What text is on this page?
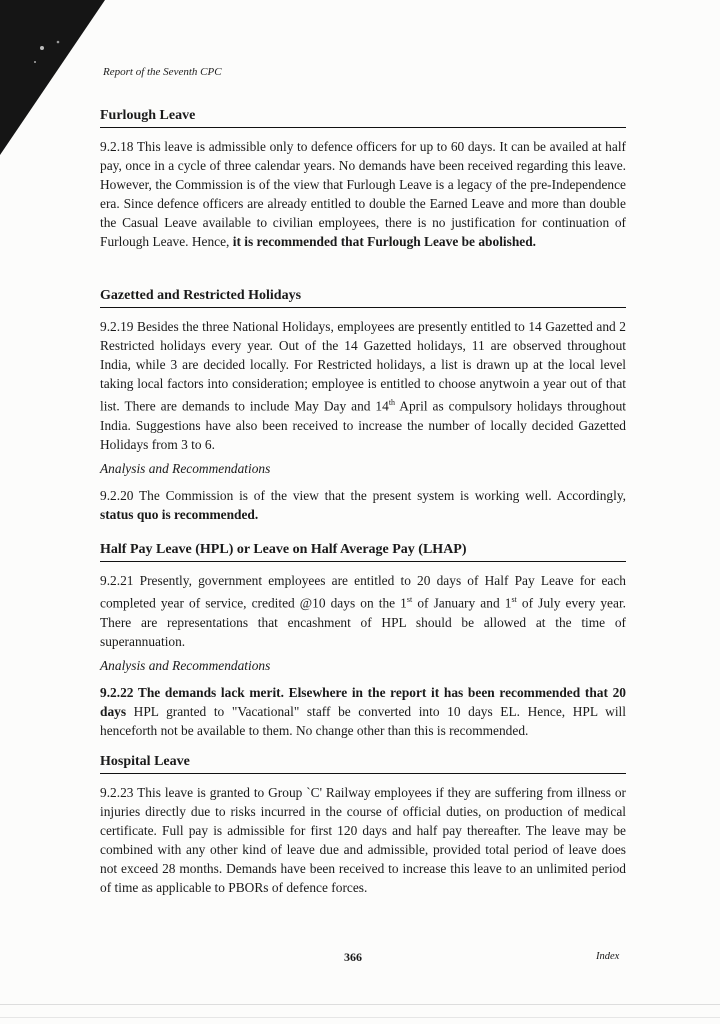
Report of the Seventh CPC
Furlough Leave

9.2.18 This leave is admissible only to defence officers for up to 60 days. It can be availed at half pay, once in a cycle of three calendar years. No demands have been received regarding this leave. However, the Commission is of the view that Furlough Leave is a legacy of the pre-Independence era. Since defence officers are already entitled to double the Earned Leave and more than double the Casual Leave available to civilian employees, there is no justification for continuation of Furlough Leave. Hence, it is recommended that Furlough Leave be abolished.

Gazetted and Restricted Holidays

9.2.19 Besides the three National Holidays, employees are presently entitled to 14 Gazetted and 2 Restricted holidays every year. Out of the 14 Gazetted holidays, 11 are observed throughout India, while 3 are decided locally. For Restricted holidays, a list is drawn up at the local level taking local factors into consideration; employee is entitled to choose anytwoin a year out of that list. There are demands to include May Day and 14th April as compulsory holidays throughout India. Suggestions have also been received to increase the number of locally decided Gazetted Holidays from 3 to 6.

Analysis and Recommendations

9.2.20 The Commission is of the view that the present system is working well. Accordingly, status quo is recommended.

Half Pay Leave (HPL) or Leave on Half Average Pay (LHAP)

9.2.21 Presently, government employees are entitled to 20 days of Half Pay Leave for each completed year of service, credited @10 days on the 1st of January and 1st of July every year. There are representations that encashment of HPL should be allowed at the time of superannuation.

Analysis and Recommendations

9.2.22 The demands lack merit. Elsewhere in the report it has been recommended that 20 days HPL granted to "Vacational" staff be converted into 10 days EL. Hence, HPL will henceforth not be available to them. No change other than this is recommended.

Hospital Leave

9.2.23 This leave is granted to Group `C' Railway employees if they are suffering from illness or injuries directly due to risks incurred in the course of official duties, on production of medical certificate. Full pay is admissible for first 120 days and half pay thereafter. The leave may be combined with any other kind of leave due and admissible, provided total period of leave does not exceed 28 months. Demands have been received to increase this leave to an unlimited period of time as applicable to PBORs of defence forces.

366	Index
